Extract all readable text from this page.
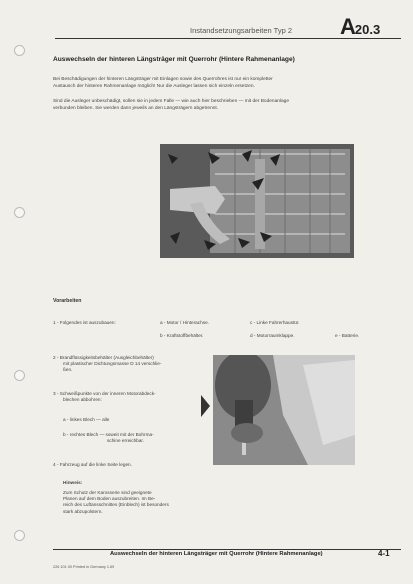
Instandsetzungsarbeiten Typ 2 A20.3
Auswechseln der hinteren Längsträger mit Querrohr (Hintere Rahmenanlage)
Bei Beschädigungen der hinteren Längsträger mit Einlagen sowie des Querrohres ist nur ein kompletter
Austausch der hinteren Rahmenanlage möglich! Nur die Ausleger lassen sich einzeln ersetzen.
Sind die Ausleger unbeschädigt, sollen sie in jedem Falle — wie auch hier beschrieben — mit der Bodenanlage
verbunden bleiben. Sie werden dann jeweils an den Längsträgern abgetrennt.
Vorarbeiten
1 - Folgendes ist auszubauen:	a - Motor / Hinterachse.
b - Kraftstoffbehälter.
c - Linke Fahrerhaustür.
d - Motorraumklappe.	e - Batterie.
2 - Brandflüssigkeitsbehälter (Ausgleichbehälter)
mit plastischer Dichtungsmasse D 14 verschlie-
ßen.
3 - Schweißpunkte von der inneren Motorabdeck-
blechen abbohren:
a - linkes Blech — alle
b - rechtes Blech — soweit mit der Bohrma-
schine erreichbar.
4 - Fahrzeug auf die linke Seite legen.
Hinweis:
Zum Schutz der Karosserie sind geeignete
Planen auf dem Boden auszubreiten. Im Be-
reich des Luftansschnittes (Einblech) ist besonders
stark abzupolstern.
Auswechseln der hinteren Längsträger mit Querrohr (Hintere Rahmenanlage)	4-1
226 101 00 Printed in Germany 1.69
